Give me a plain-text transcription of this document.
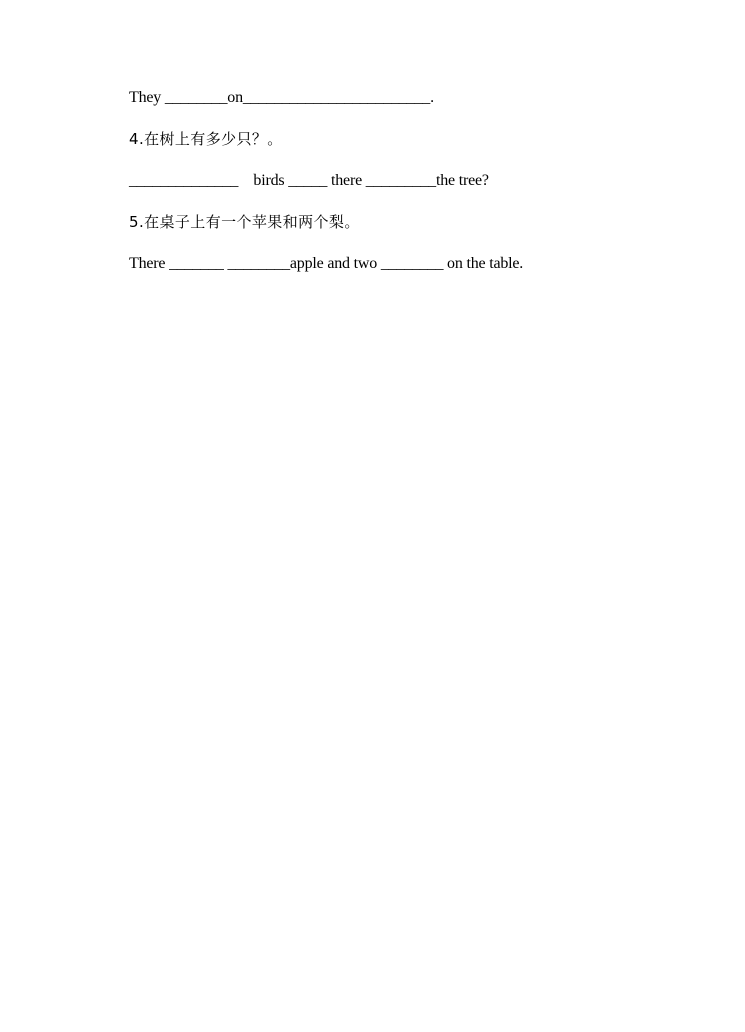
They ________on________________________.
4.在树上有多少只？。
______________    birds _____ there _________the tree?
5.在桌子上有一个苹果和两个梨。
There _______ ________apple and two ________ on the table.
